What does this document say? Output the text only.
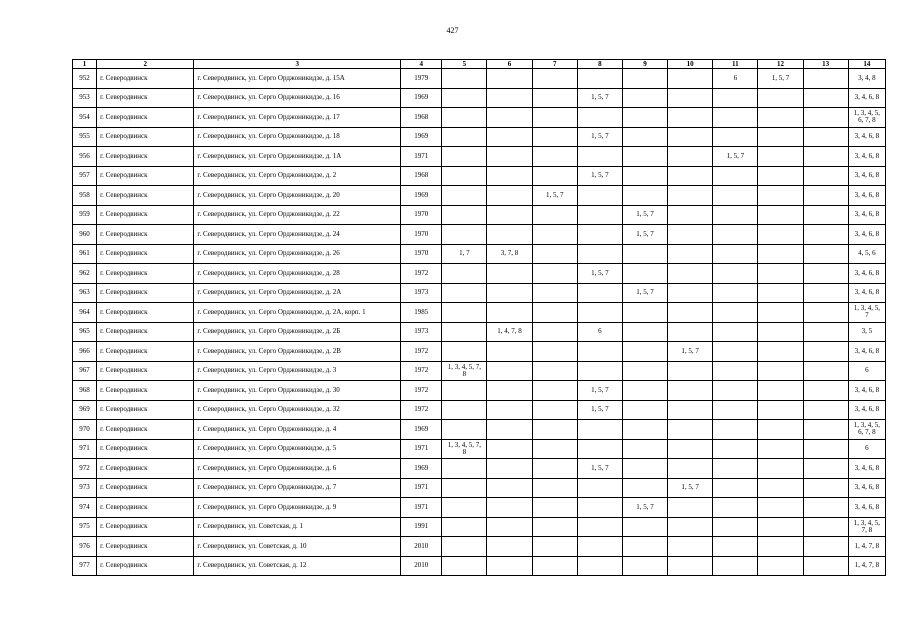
427
1	2	3	4	5	6	7	8	9	10	11	12	13	14
952	г. Северодвинск	г. Северодвинск, ул. Серго Орджоникидзе, д. 15А	1979							6	1, 5, 7		3, 4, 8
953	г. Северодвинск	г. Северодвинск, ул. Серго Орджоникидзе, д. 16	1969				1, 5, 7						3, 4, 6, 8
954	г. Северодвинск	г. Северодвинск, ул. Серго Орджоникидзе, д. 17	1968										1, 3, 4, 5, 6, 7, 8
955	г. Северодвинск	г. Северодвинск, ул. Серго Орджоникидзе, д. 18	1969				1, 5, 7						3, 4, 6, 8
956	г. Северодвинск	г. Северодвинск, ул. Серго Орджоникидзе, д. 1А	1971							1, 5, 7			3, 4, 6, 8
957	г. Северодвинск	г. Северодвинск, ул. Серго Орджоникидзе, д. 2	1968				1, 5, 7						3, 4, 6, 8
958	г. Северодвинск	г. Северодвинск, ул. Серго Орджоникидзе, д. 20	1969			1, 5, 7							3, 4, 6, 8
959	г. Северодвинск	г. Северодвинск, ул. Серго Орджоникидзе, д. 22	1970					1, 5, 7					3, 4, 6, 8
960	г. Северодвинск	г. Северодвинск, ул. Серго Орджоникидзе, д. 24	1970					1, 5, 7					3, 4, 6, 8
961	г. Северодвинск	г. Северодвинск, ул. Серго Орджоникидзе, д. 26	1970	1, 7	3, 7, 8								4, 5, 6
962	г. Северодвинск	г. Северодвинск, ул. Серго Орджоникидзе, д. 28	1972				1, 5, 7						3, 4, 6, 8
963	г. Северодвинск	г. Северодвинск, ул. Серго Орджоникидзе, д. 2А	1973					1, 5, 7					3, 4, 6, 8
964	г. Северодвинск	г. Северодвинск, ул. Серго Орджоникидзе, д. 2А, корп. 1	1985										1, 3, 4, 5, 7
965	г. Северодвинск	г. Северодвинск, ул. Серго Орджоникидзе, д. 2Б	1973		1, 4, 7, 8		6						3, 5
966	г. Северодвинск	г. Северодвинск, ул. Серго Орджоникидзе, д. 2В	1972						1, 5, 7				3, 4, 6, 8
967	г. Северодвинск	г. Северодвинск, ул. Серго Орджоникидзе, д. 3	1972	1, 3, 4, 5, 7, 8									6
968	г. Северодвинск	г. Северодвинск, ул. Серго Орджоникидзе, д. 30	1972				1, 5, 7						3, 4, 6, 8
969	г. Северодвинск	г. Северодвинск, ул. Серго Орджоникидзе, д. 32	1972				1, 5, 7						3, 4, 6, 8
970	г. Северодвинск	г. Северодвинск, ул. Серго Орджоникидзе, д. 4	1969										1, 3, 4, 5, 6, 7, 8
971	г. Северодвинск	г. Северодвинск, ул. Серго Орджоникидзе, д. 5	1971	1, 3, 4, 5, 7, 8									6
972	г. Северодвинск	г. Северодвинск, ул. Серго Орджоникидзе, д. 6	1969				1, 5, 7						3, 4, 6, 8
973	г. Северодвинск	г. Северодвинск, ул. Серго Орджоникидзе, д. 7	1971						1, 5, 7				3, 4, 6, 8
974	г. Северодвинск	г. Северодвинск, ул. Серго Орджоникидзе, д. 9	1971					1, 5, 7					3, 4, 6, 8
975	г. Северодвинск	г. Северодвинск, ул. Советская, д. 1	1991										1, 3, 4, 5, 7, 8
976	г. Северодвинск	г. Северодвинск, ул. Советская, д. 10	2010										1, 4, 7, 8
977	г. Северодвинск	г. Северодвинск, ул. Советская, д. 12	2010										1, 4, 7, 8
